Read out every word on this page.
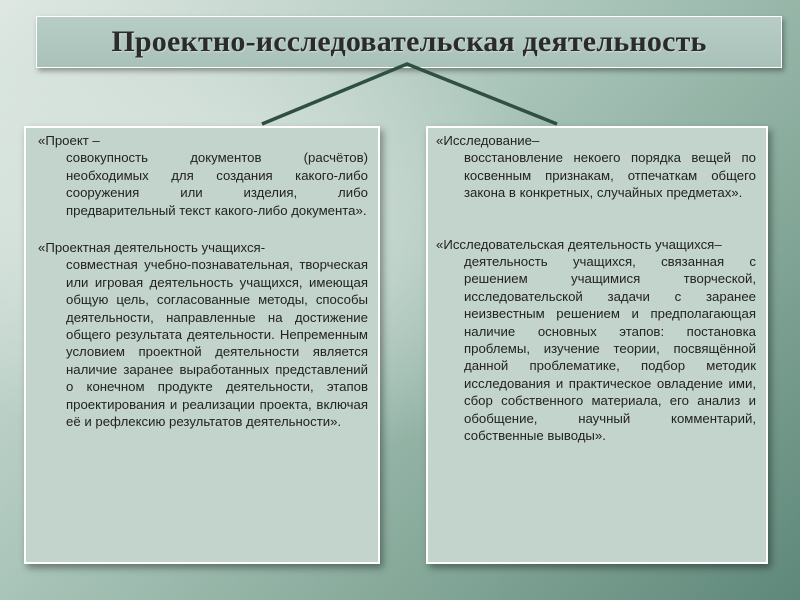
Проектно-исследовательская деятельность
«Проект –
совокупность документов (расчётов) необходимых для создания какого-либо сооружения или изделия, либо предварительный текст какого-либо документа».
«Проектная деятельность учащихся-
совместная учебно-познавательная, творческая или игровая деятельность учащихся, имеющая общую цель, согласованные методы, способы деятельности, направленные на достижение общего результата деятельности. Непременным условием проектной деятельности является наличие заранее выработанных представлений о конечном продукте деятельности, этапов проектирования и реализации проекта, включая её и рефлексию результатов деятельности».
«Исследование–
восстановление некоего порядка вещей по косвенным признакам, отпечаткам общего закона в конкретных, случайных предметах».
«Исследовательская деятельность учащихся–
деятельность учащихся, связанная с решением учащимися творческой, исследовательской задачи с заранее неизвестным решением и предполагающая наличие основных этапов: постановка проблемы, изучение теории, посвящённой данной проблематике, подбор методик исследования и практическое овладение ими, сбор собственного материала, его анализ и обобщение, научный комментарий, собственные выводы».
